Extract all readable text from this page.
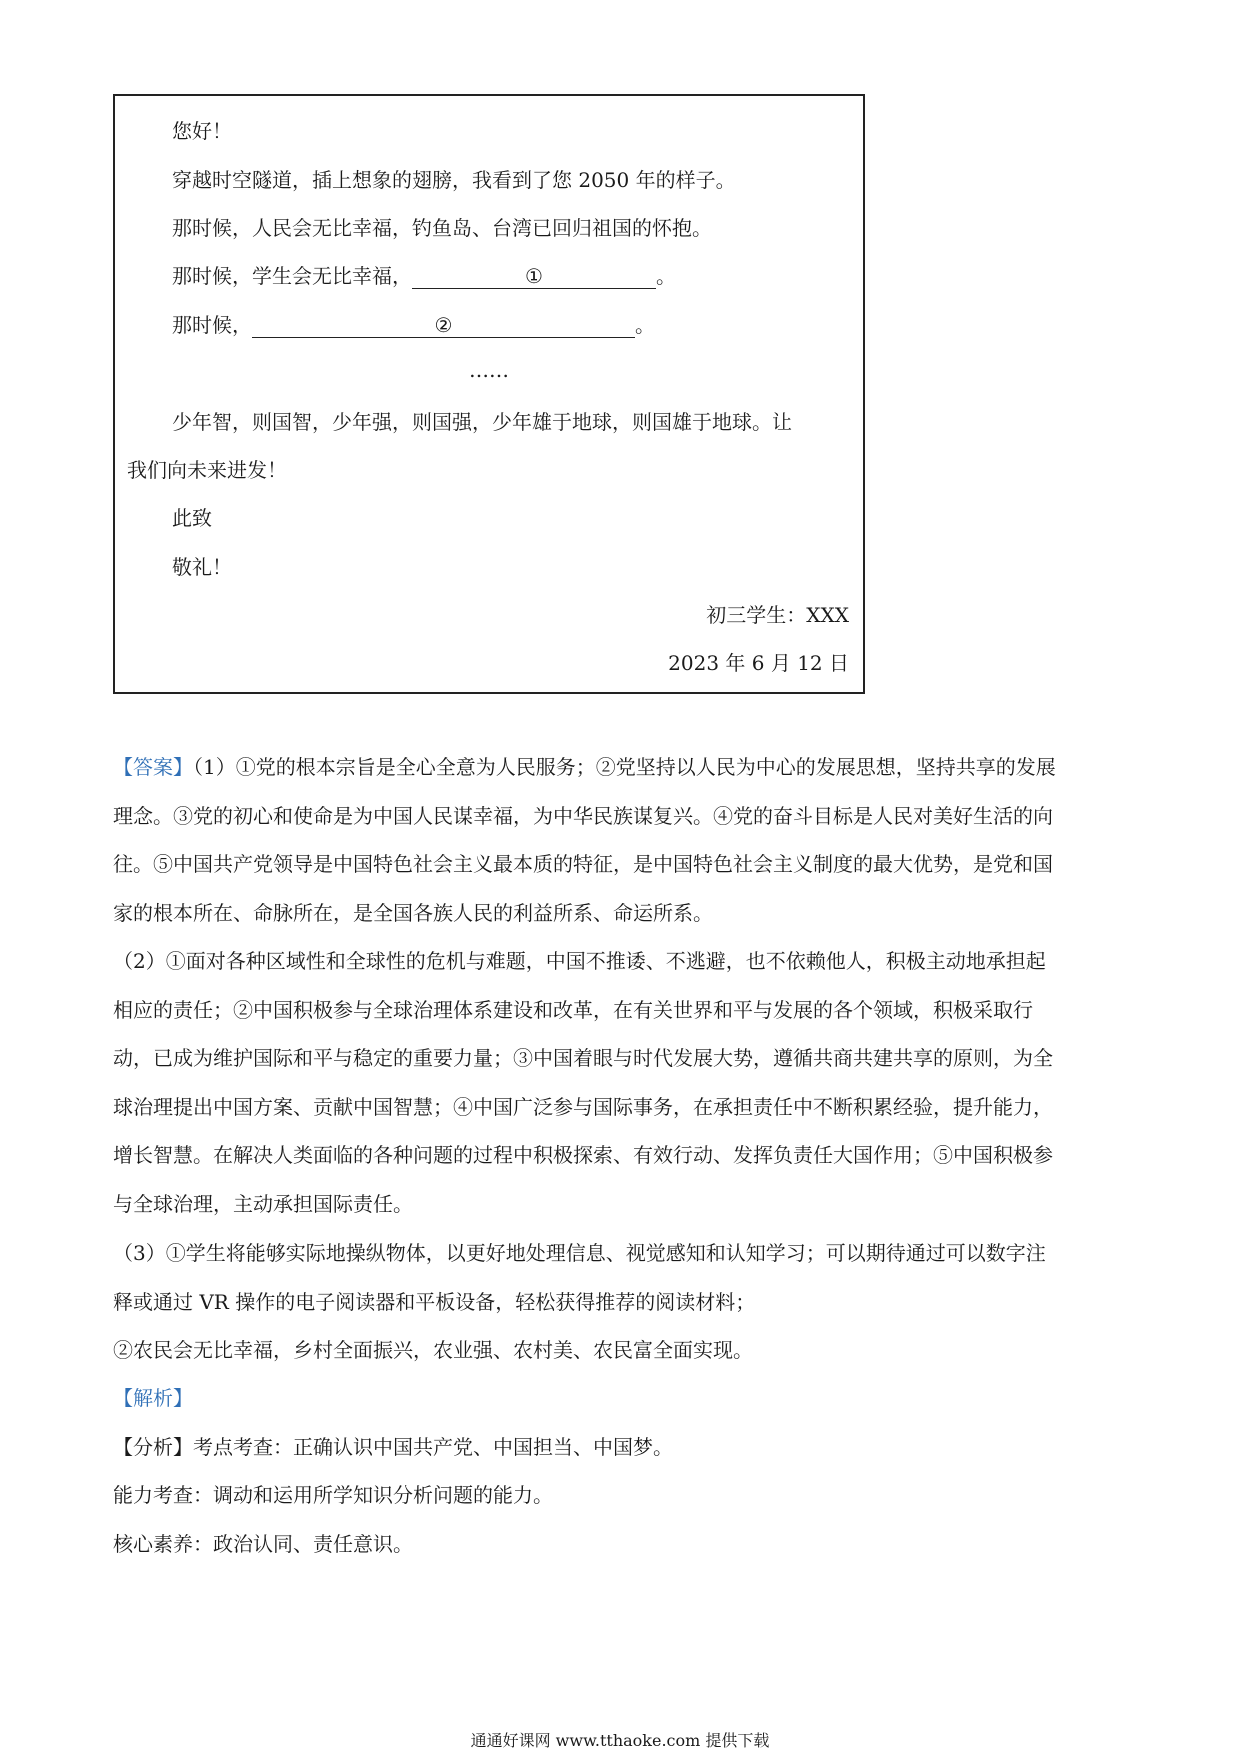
您好！
穿越时空隧道，插上想象的翅膀，我看到了您 2050 年的样子。
那时候，人民会无比幸福，钓鱼岛、台湾已回归祖国的怀抱。
那时候，学生会无比幸福，	①	。
那时候，	②	。
……
少年智，则国智，少年强，则国强，少年雄于地球，则国雄于地球。让
我们向未来进发！
此致
敬礼！
初三学生：XXX
2023 年 6 月 12 日
【答案】（1）①党的根本宗旨是全心全意为人民服务；②党坚持以人民为中心的发展思想，坚持共享的发展
理念。③党的初心和使命是为中国人民谋幸福，为中华民族谋复兴。④党的奋斗目标是人民对美好生活的向
往。⑤中国共产党领导是中国特色社会主义最本质的特征，是中国特色社会主义制度的最大优势，是党和国
家的根本所在、命脉所在，是全国各族人民的利益所系、命运所系。
（2）①面对各种区域性和全球性的危机与难题，中国不推诿、不逃避，也不依赖他人，积极主动地承担起
相应的责任；②中国积极参与全球治理体系建设和改革，在有关世界和平与发展的各个领域，积极采取行
动，已成为维护国际和平与稳定的重要力量；③中国着眼与时代发展大势，遵循共商共建共享的原则，为全
球治理提出中国方案、贡献中国智慧；④中国广泛参与国际事务，在承担责任中不断积累经验，提升能力，
增长智慧。在解决人类面临的各种问题的过程中积极探索、有效行动、发挥负责任大国作用；⑤中国积极参
与全球治理，主动承担国际责任。
（3）①学生将能够实际地操纵物体，以更好地处理信息、视觉感知和认知学习；可以期待通过可以数字注
释或通过 VR 操作的电子阅读器和平板设备，轻松获得推荐的阅读材料；
②农民会无比幸福，乡村全面振兴，农业强、农村美、农民富全面实现。
【解析】
【分析】考点考查：正确认识中国共产党、中国担当、中国梦。
能力考查：调动和运用所学知识分析问题的能力。
核心素养：政治认同、责任意识。
通通好课网 www.tthaoke.com 提供下载
